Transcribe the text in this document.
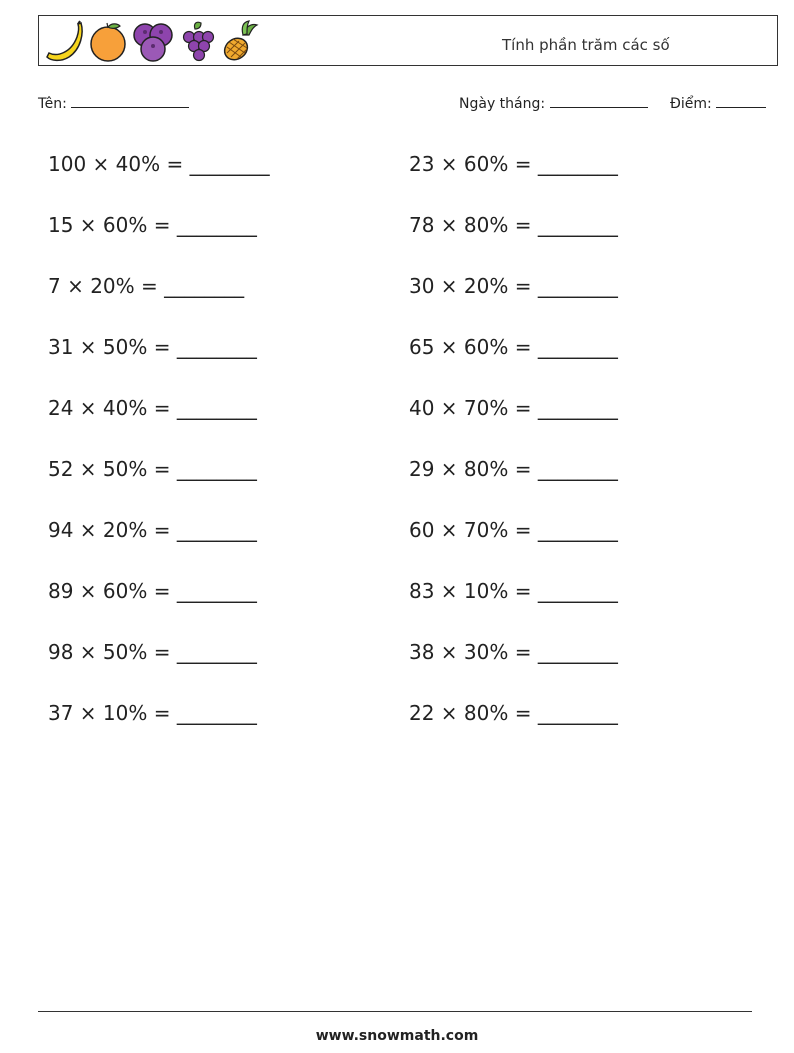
Tính phần trăm các số
Tên:	Ngày tháng:	Điểm:
100 × 40% = ________	23 × 60% = ________
15 × 60% = ________	78 × 80% = ________
7 × 20% = ________	30 × 20% = ________
31 × 50% = ________	65 × 60% = ________
24 × 40% = ________	40 × 70% = ________
52 × 50% = ________	29 × 80% = ________
94 × 20% = ________	60 × 70% = ________
89 × 60% = ________	83 × 10% = ________
98 × 50% = ________	38 × 30% = ________
37 × 10% = ________	22 × 80% = ________
www.snowmath.com
